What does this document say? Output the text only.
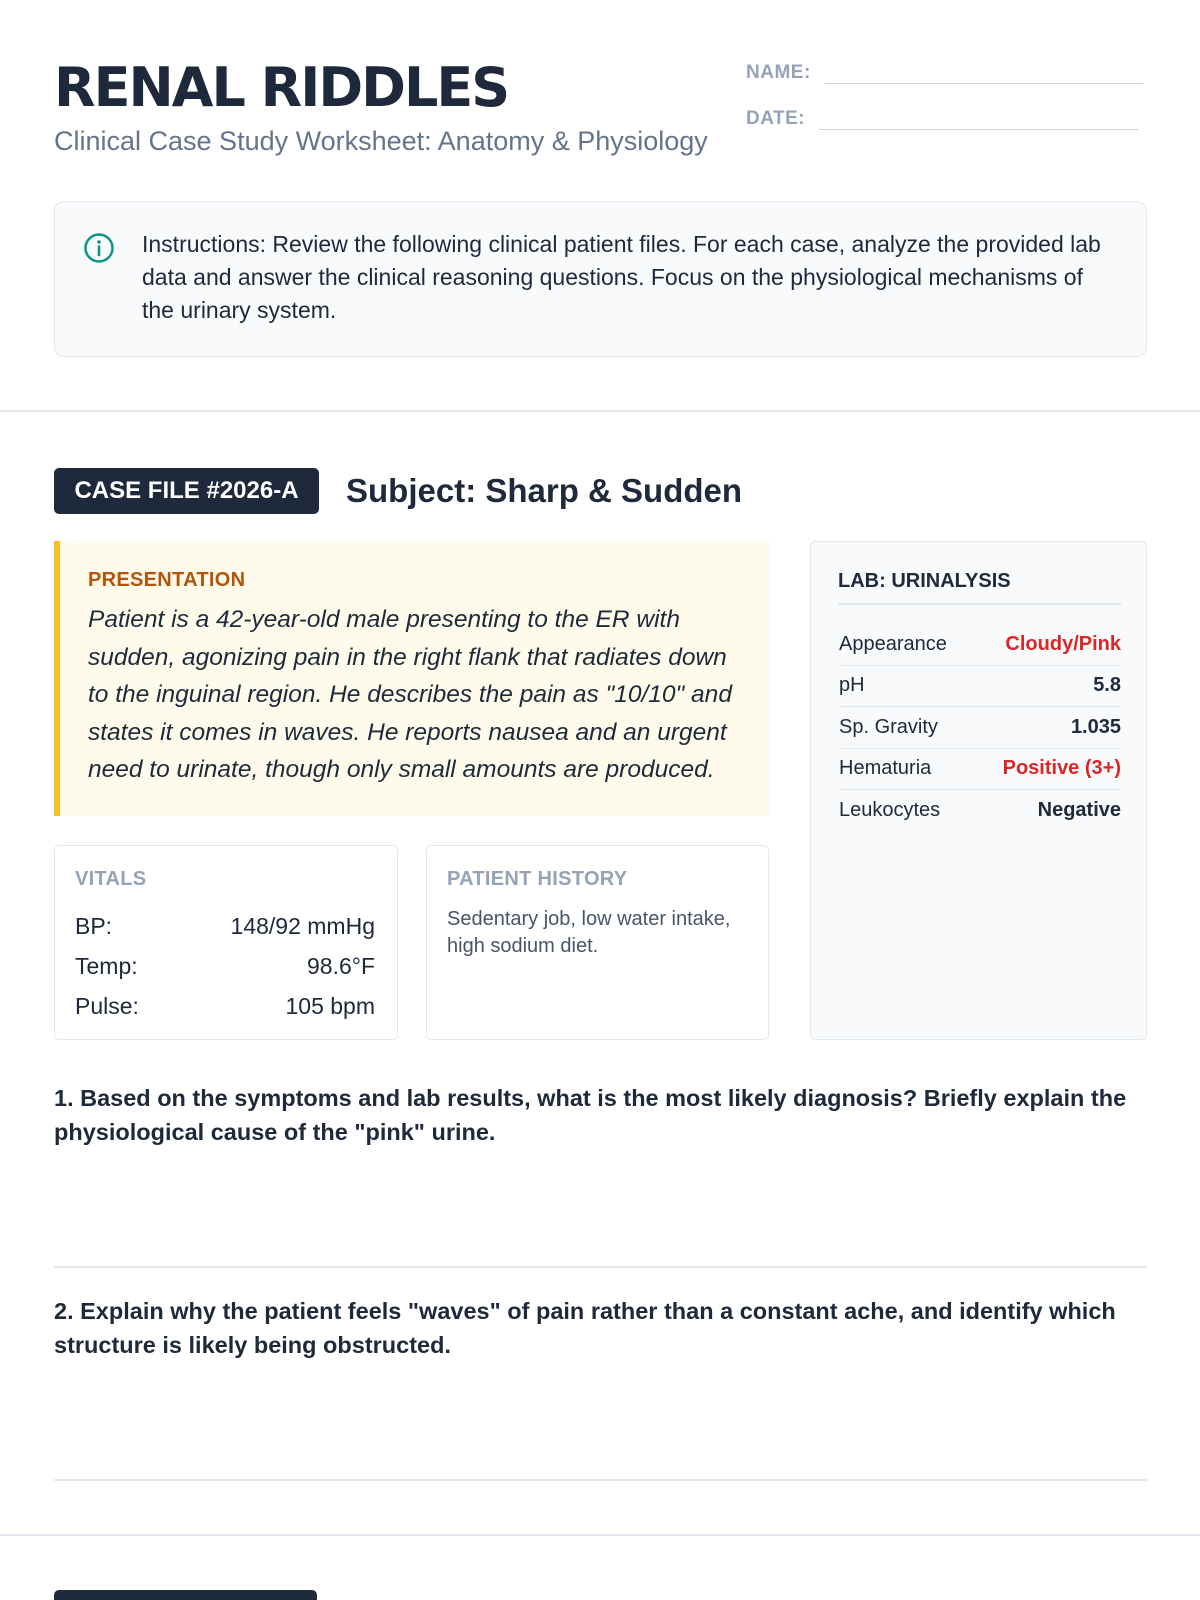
RENAL RIDDLES
Clinical Case Study Worksheet: Anatomy & Physiology
NAME:
DATE:
Instructions: Review the following clinical patient files. For each case, analyze the provided lab data and answer the clinical reasoning questions. Focus on the physiological mechanisms of the urinary system.
CASE FILE #2026-A	Subject: Sharp & Sudden
PRESENTATION
Patient is a 42-year-old male presenting to the ER with sudden, agonizing pain in the right flank that radiates down to the inguinal region. He describes the pain as "10/10" and states it comes in waves. He reports nausea and an urgent need to urinate, though only small amounts are produced.
LAB: URINALYSIS
Appearance	Cloudy/Pink
pH	5.8
Sp. Gravity	1.035
Hematuria	Positive (3+)
Leukocytes	Negative
VITALS
BP:	148/92 mmHg
Temp:	98.6°F
Pulse:	105 bpm
PATIENT HISTORY
Sedentary job, low water intake, high sodium diet.
1. Based on the symptoms and lab results, what is the most likely diagnosis? Briefly explain the physiological cause of the "pink" urine.
2. Explain why the patient feels "waves" of pain rather than a constant ache, and identify which structure is likely being obstructed.
